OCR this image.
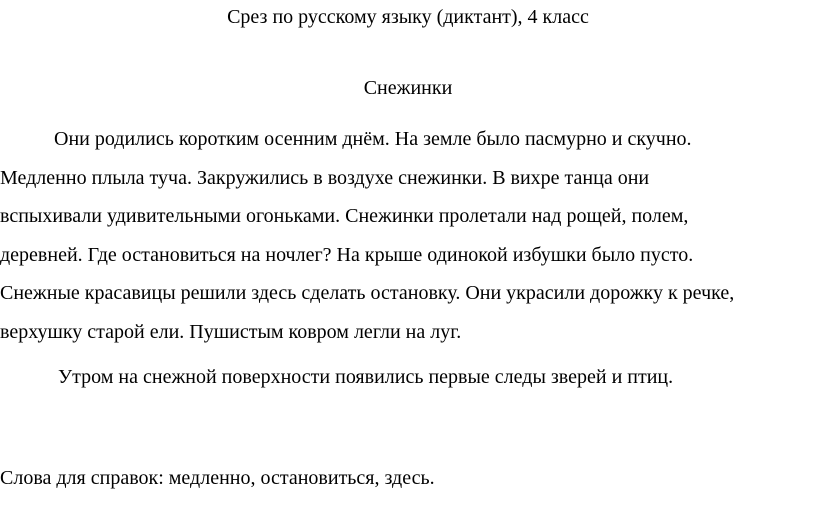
Срез по русскому языку (диктант), 4 класс
Снежинки
Они родились коротким осенним днём. На земле было пасмурно и скучно.
Медленно плыла туча. Закружились в воздухе снежинки. В вихре танца они
вспыхивали удивительными огоньками. Снежинки пролетали над рощей, полем,
деревней. Где остановиться на ночлег? На крыше одинокой избушки было пусто.
Снежные красавицы решили здесь сделать остановку. Они украсили дорожку к речке,
верхушку старой ели. Пушистым ковром легли на луг.
Утром на снежной поверхности появились первые следы зверей и птиц.
Слова для справок: медленно, остановиться, здесь.
